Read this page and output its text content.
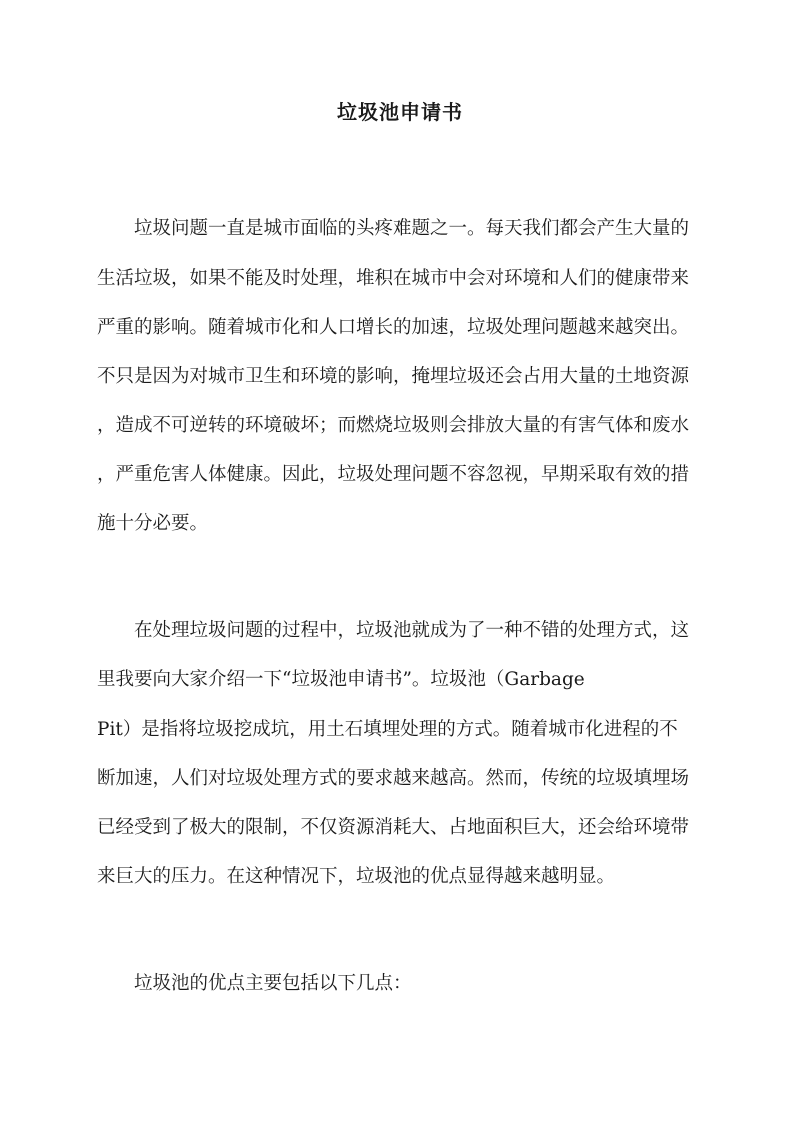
垃圾池申请书
垃圾问题一直是城市面临的头疼难题之一。每天我们都会产生大量的
生活垃圾，如果不能及时处理，堆积在城市中会对环境和人们的健康带来
严重的影响。随着城市化和人口增长的加速，垃圾处理问题越来越突出。
不只是因为对城市卫生和环境的影响，掩埋垃圾还会占用大量的土地资源
，造成不可逆转的环境破坏；而燃烧垃圾则会排放大量的有害气体和废水
，严重危害人体健康。因此，垃圾处理问题不容忽视，早期采取有效的措
施十分必要。
在处理垃圾问题的过程中，垃圾池就成为了一种不错的处理方式，这
里我要向大家介绍一下“垃圾池申请书”。垃圾池（Garbage
Pit）是指将垃圾挖成坑，用土石填埋处理的方式。随着城市化进程的不
断加速，人们对垃圾处理方式的要求越来越高。然而，传统的垃圾填埋场
已经受到了极大的限制，不仅资源消耗大、占地面积巨大，还会给环境带
来巨大的压力。在这种情况下，垃圾池的优点显得越来越明显。
垃圾池的优点主要包括以下几点：
